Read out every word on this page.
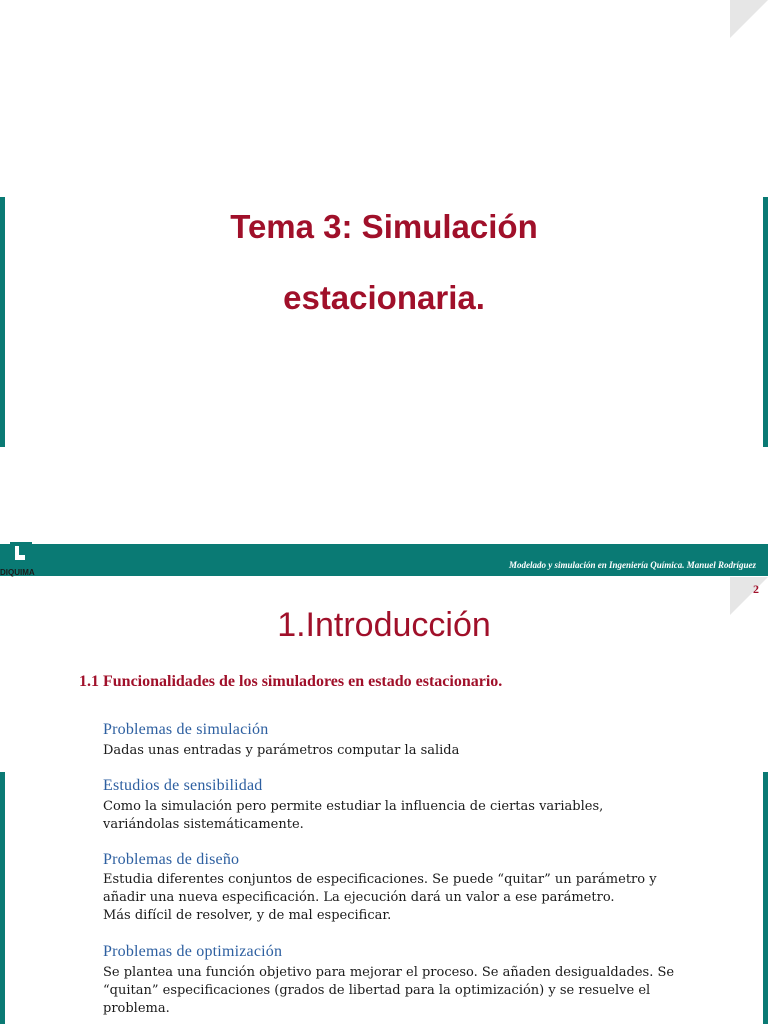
Tema 3: Simulación
estacionaria.
DIQUIMA
Modelado y simulación en Ingeniería Química. Manuel Rodríguez
2
1.Introducción
1.1 Funcionalidades de los simuladores en estado estacionario.
Problemas de simulación
Dadas unas entradas y parámetros computar la salida
Estudios de sensibilidad
Como la simulación pero permite estudiar la influencia de ciertas variables,
variándolas sistemáticamente.
Problemas de diseño
Estudia diferentes conjuntos de especificaciones. Se puede “quitar” un parámetro y
añadir una nueva especificación. La ejecución dará un valor a ese parámetro.
Más difícil de resolver, y de mal especificar.
Problemas de optimización
Se plantea una función objetivo para mejorar el proceso. Se añaden desigualdades. Se
“quitan” especificaciones (grados de libertad para la optimización) y se resuelve el
problema.
